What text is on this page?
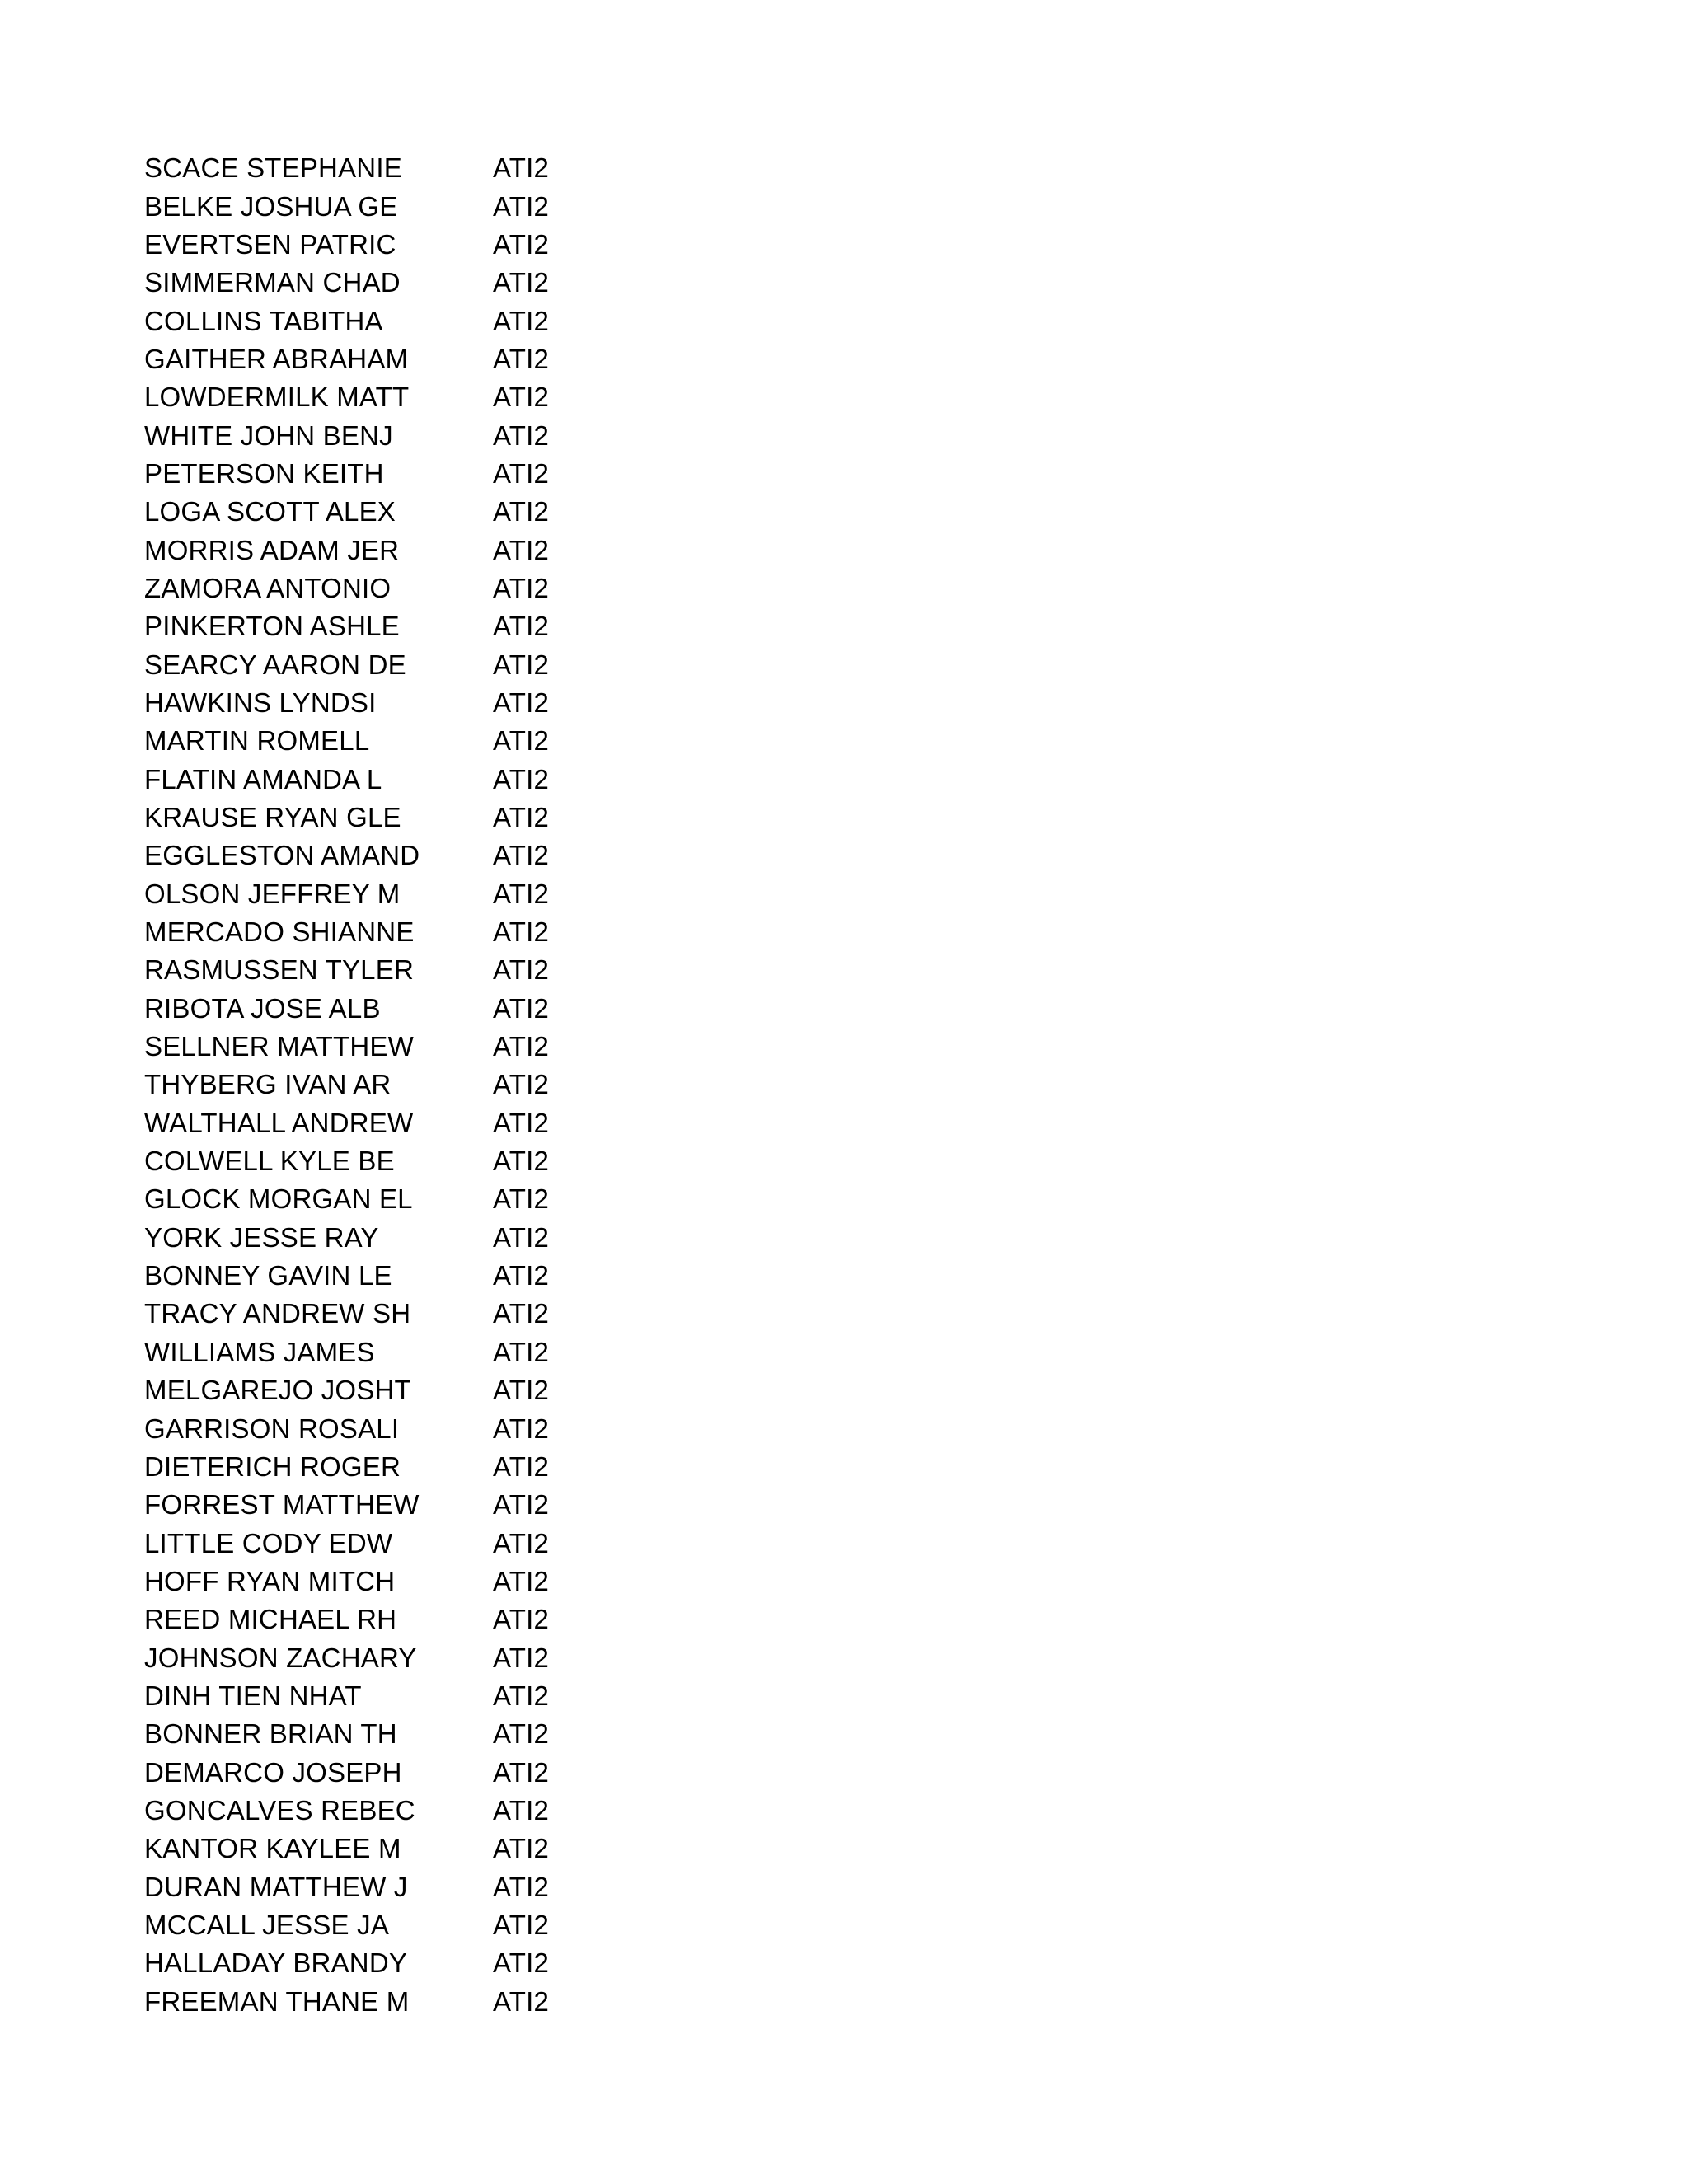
SCACE STEPHANIE	ATI2
BELKE JOSHUA GE	ATI2
EVERTSEN PATRIC	ATI2
SIMMERMAN CHAD	ATI2
COLLINS TABITHA	ATI2
GAITHER ABRAHAM	ATI2
LOWDERMILK MATT	ATI2
WHITE JOHN BENJ	ATI2
PETERSON KEITH	ATI2
LOGA SCOTT ALEX	ATI2
MORRIS ADAM JER	ATI2
ZAMORA ANTONIO	ATI2
PINKERTON ASHLE	ATI2
SEARCY AARON DE	ATI2
HAWKINS LYNDSI	ATI2
MARTIN ROMELL	ATI2
FLATIN AMANDA L	ATI2
KRAUSE RYAN GLE	ATI2
EGGLESTON AMAND	ATI2
OLSON JEFFREY M	ATI2
MERCADO SHIANNE	ATI2
RASMUSSEN TYLER	ATI2
RIBOTA JOSE ALB	ATI2
SELLNER MATTHEW	ATI2
THYBERG IVAN AR	ATI2
WALTHALL ANDREW	ATI2
COLWELL KYLE BE	ATI2
GLOCK MORGAN EL	ATI2
YORK JESSE RAY	ATI2
BONNEY GAVIN LE	ATI2
TRACY ANDREW SH	ATI2
WILLIAMS JAMES	ATI2
MELGAREJO JOSHT	ATI2
GARRISON ROSALI	ATI2
DIETERICH ROGER	ATI2
FORREST MATTHEW	ATI2
LITTLE CODY EDW	ATI2
HOFF RYAN MITCH	ATI2
REED MICHAEL RH	ATI2
JOHNSON ZACHARY	ATI2
DINH TIEN NHAT	ATI2
BONNER BRIAN TH	ATI2
DEMARCO JOSEPH	ATI2
GONCALVES REBEC	ATI2
KANTOR KAYLEE M	ATI2
DURAN MATTHEW J	ATI2
MCCALL JESSE JA	ATI2
HALLADAY BRANDY	ATI2
FREEMAN THANE M	ATI2
